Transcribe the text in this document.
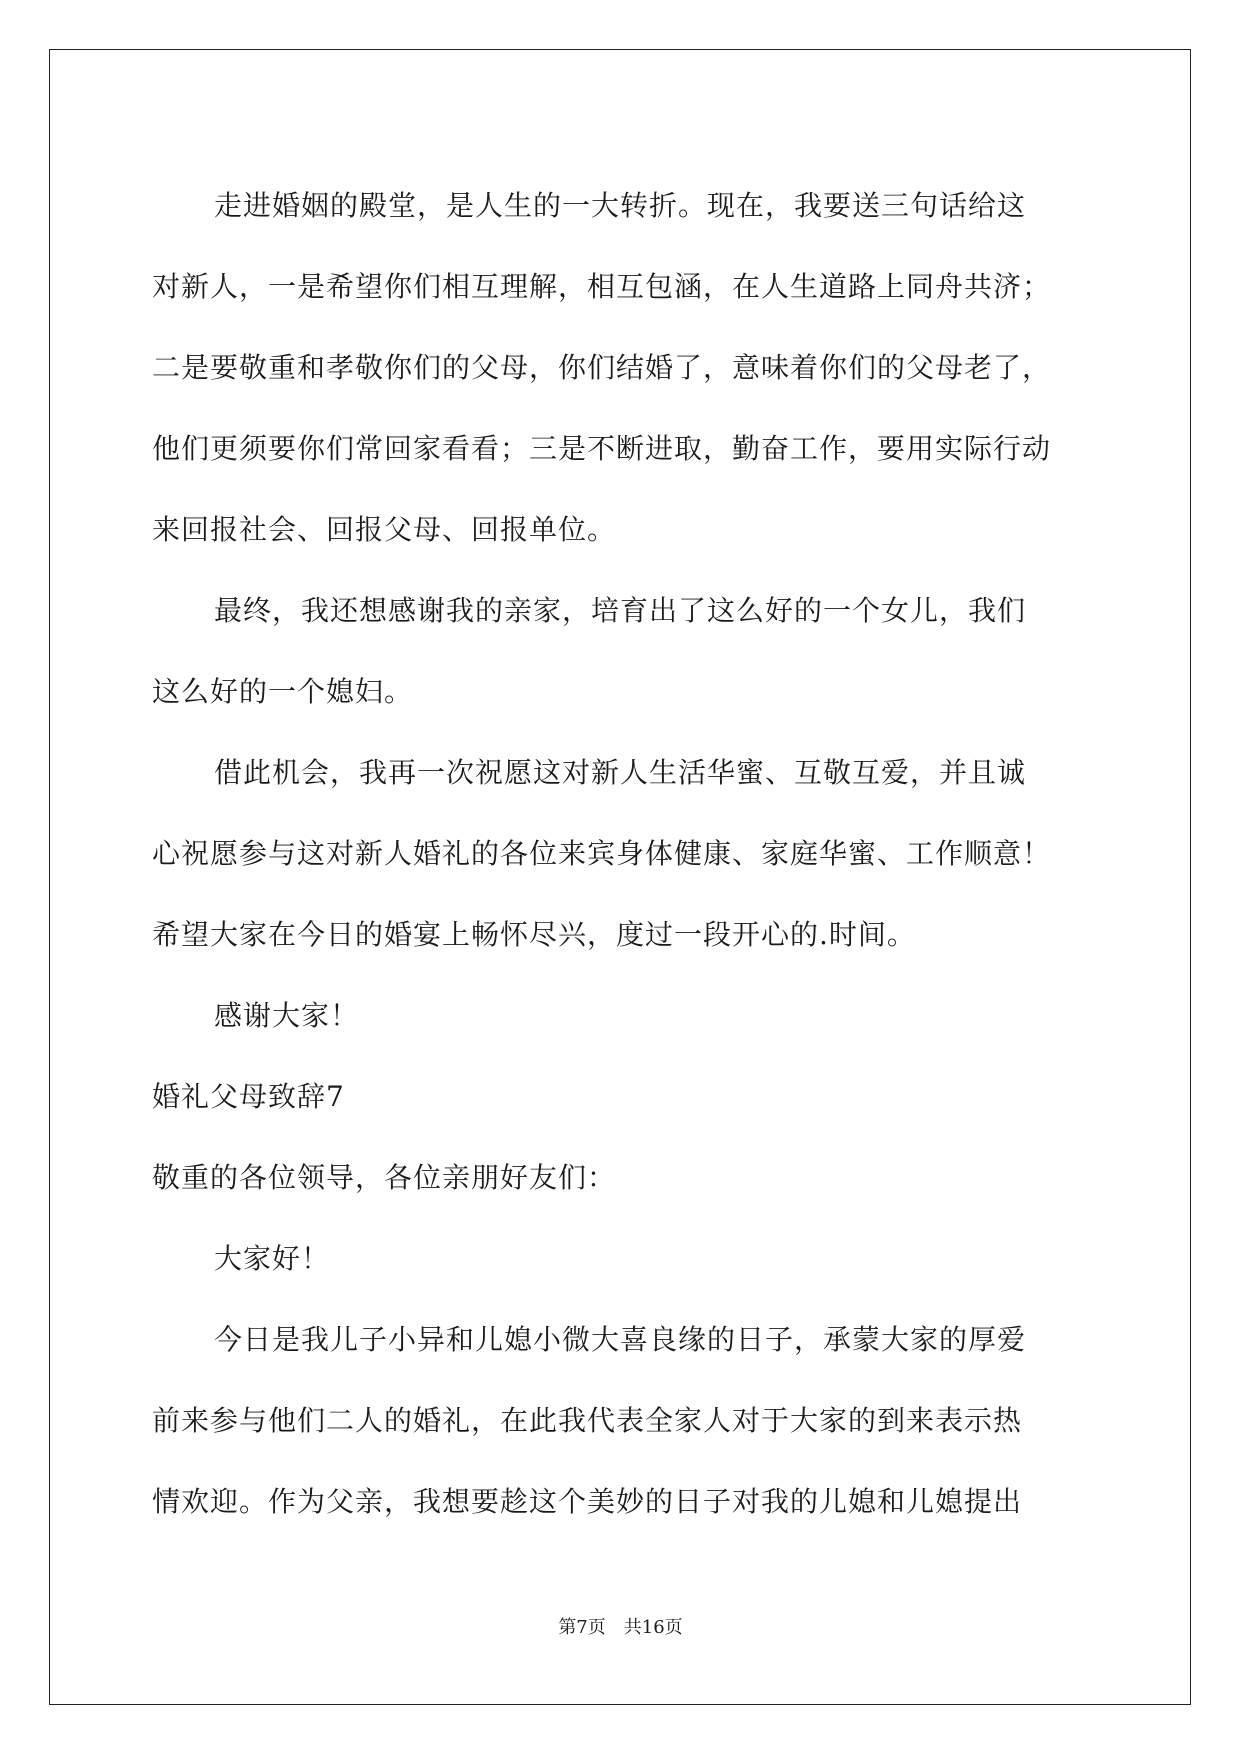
走进婚姻的殿堂，是人生的一大转折。现在，我要送三句话给这
对新人，一是希望你们相互理解，相互包涵，在人生道路上同舟共济；
二是要敬重和孝敬你们的父母，你们结婚了，意味着你们的父母老了，
他们更须要你们常回家看看；三是不断进取，勤奋工作，要用实际行动
来回报社会、回报父母、回报单位。
最终，我还想感谢我的亲家，培育出了这么好的一个女儿，我们
这么好的一个媳妇。
借此机会，我再一次祝愿这对新人生活华蜜、互敬互爱，并且诚
心祝愿参与这对新人婚礼的各位来宾身体健康、家庭华蜜、工作顺意！
希望大家在今日的婚宴上畅怀尽兴，度过一段开心的.时间。
感谢大家！
婚礼父母致辞7
敬重的各位领导，各位亲朋好友们：
大家好！
今日是我儿子小异和儿媳小微大喜良缘的日子，承蒙大家的厚爱
前来参与他们二人的婚礼，在此我代表全家人对于大家的到来表示热
情欢迎。作为父亲，我想要趁这个美妙的日子对我的儿媳和儿媳提出
第7页　共16页
